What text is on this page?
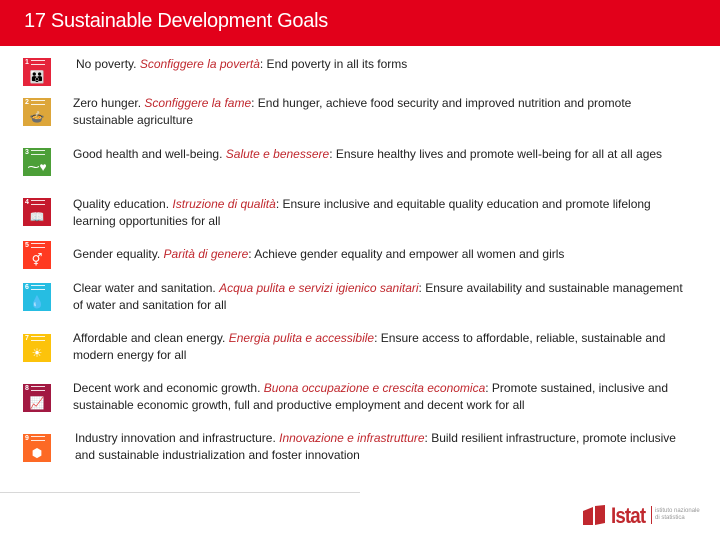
17 Sustainable Development Goals
1
👪
No poverty. Sconfiggere la povertà: End poverty in all its forms
2
🍲
Zero hunger. Sconfiggere la fame: End hunger, achieve food security and improved nutrition and promote sustainable agriculture
3
⁓♥
Good health and well-being. Salute e benessere: Ensure healthy lives and promote well-being for all at all ages
4
📖
Quality education. Istruzione di qualità: Ensure inclusive and equitable quality education and promote lifelong learning opportunities for all
5
⚥	Gender equality. Parità di genere: Achieve gender equality and empower all women and girls
6
💧
Clear water and sanitation. Acqua pulita e servizi igienico sanitari: Ensure availability and sustainable management of water and sanitation for all
7
☀
Affordable and clean energy. Energia pulita e accessibile: Ensure access to affordable, reliable, sustainable and modern energy for all
8
📈
Decent work and economic growth. Buona occupazione e crescita economica: Promote sustained, inclusive and sustainable economic growth, full and productive employment and decent work for all
9
⬢
Industry innovation and infrastructure. Innovazione e infrastrutture: Build resilient infrastructure, promote inclusive and sustainable industrialization and foster innovation
Istat istituto nazionale di statistica
